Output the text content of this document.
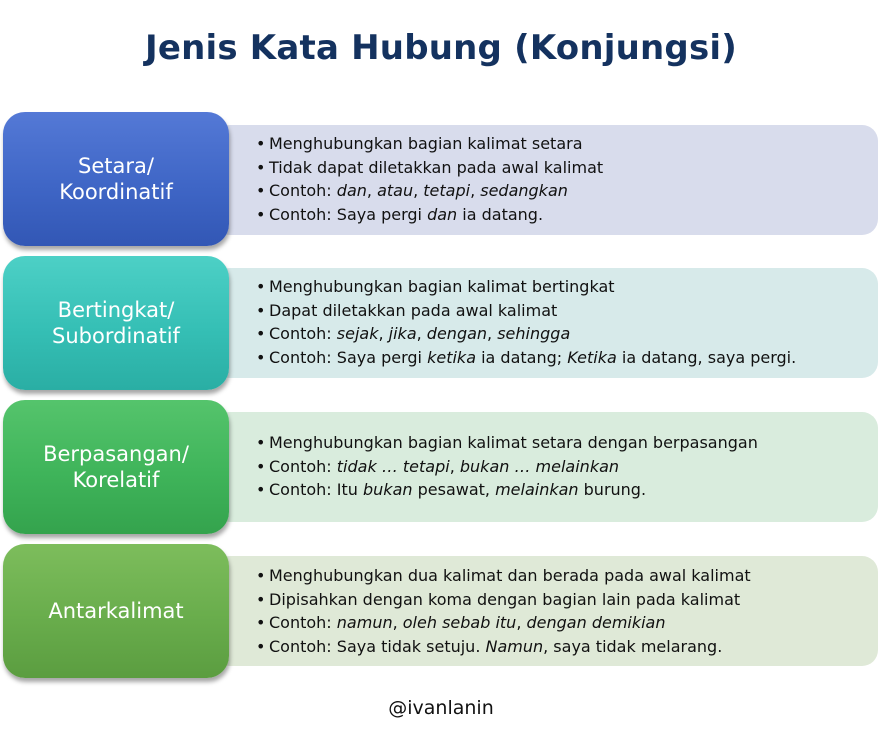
Jenis Kata Hubung (Konjungsi)
• Menghubungkan bagian kalimat setara
• Tidak dapat diletakkan pada awal kalimat
• Contoh: dan, atau, tetapi, sedangkan
• Contoh: Saya pergi dan ia datang.
Setara/
Koordinatif
• Menghubungkan bagian kalimat bertingkat
• Dapat diletakkan pada awal kalimat
• Contoh: sejak, jika, dengan, sehingga
• Contoh: Saya pergi ketika ia datang; Ketika ia datang, saya pergi.
Bertingkat/
Subordinatif
• Menghubungkan bagian kalimat setara dengan berpasangan
• Contoh: tidak … tetapi, bukan … melainkan
• Contoh: Itu bukan pesawat, melainkan burung.
Berpasangan/
Korelatif
• Menghubungkan dua kalimat dan berada pada awal kalimat
• Dipisahkan dengan koma dengan bagian lain pada kalimat
• Contoh: namun, oleh sebab itu, dengan demikian
• Contoh: Saya tidak setuju. Namun, saya tidak melarang.
Antarkalimat
@ivanlanin
